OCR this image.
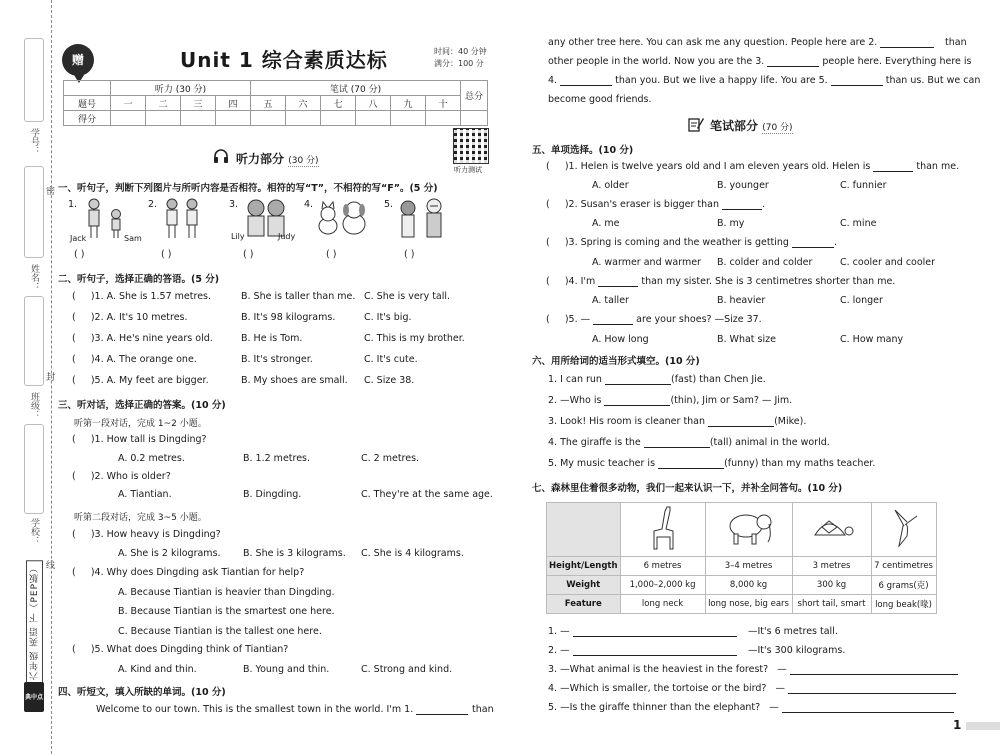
学号：
姓名：
班级：
学校：
密
封
线
六年级 英语 下（PEP版）
典中点
赠	Unit 1 综合素质达标	时间：40 分钟
满分：100 分
	听力 (30 分)				笔试 (70 分)						总分
题号	一	二	三	四	五	六	七	八	九	十	
得分											
听力测试
听力部分 (30 分)
一、听句子，判断下列图片与所听内容是否相符。相符的写“T”，不相符的写“F”。(5 分)
1.	2.	3.	4.	5.
Jack	Sam	Lily	Judy
( )	( )	( )	( )	( )
二、听句子，选择正确的答语。(5 分)
(     )1. A. She is 1.57 metres.	B. She is taller than me. C. She is very tall.
(     )2. A. It's 10 metres.	B. It's 98 kilograms.	C. It's big.
(     )3. A. He's nine years old.	B. He is Tom.	C. This is my brother.
(     )4. A. The orange one.	B. It's stronger.	C. It's cute.
(     )5. A. My feet are bigger.	B. My shoes are small. C. Size 38.
三、听对话，选择正确的答案。(10 分)
听第一段对话，完成 1~2 小题。
(     )1. How tall is Dingding?
A. 0.2 metres.	B. 1.2 metres.	C. 2 metres.
(     )2. Who is older?
A. Tiantian.	B. Dingding.	C. They're at the same age.
听第二段对话，完成 3~5 小题。
(     )3. How heavy is Dingding?
A. She is 2 kilograms. B. She is 3 kilograms. C. She is 4 kilograms.
(     )4. Why does Dingding ask Tiantian for help?
A. Because Tiantian is heavier than Dingding.
B. Because Tiantian is the smartest one here.
C. Because Tiantian is the tallest one here.
(     )5. What does Dingding think of Tiantian?
A. Kind and thin.	B. Young and thin.	C. Strong and kind.
四、听短文，填入所缺的单词。(10 分)
Welcome to our town. This is the smallest town in the world. I'm 1.	than
any other tree here. You can ask me any question. People here are 2.	than
other people in the world. Now you are the 3.	people here. Everything here is
4.	than you. But we live a happy life. You are 5.	than us. But we can
become good friends.
笔试部分 (70 分)
五、单项选择。(10 分)
(     )1. Helen is twelve years old and I am eleven years old. Helen is	than me.
A. older	B. younger	C. funnier
(     )2. Susan's eraser is bigger than	.
A. me	B. my	C. mine
(     )3. Spring is coming and the weather is getting	.
A. warmer and warmer B. colder and colder	C. cooler and cooler
(     )4. I'm	than my sister. She is 3 centimetres shorter than me.
A. taller	B. heavier	C. longer
(     )5. —	are your shoes? —Size 37.
A. How long	B. What size	C. How many
六、用所给词的适当形式填空。(10 分)
1. I can run	(fast) than Chen Jie.
2. —Who is	(thin), Jim or Sam? — Jim.
3. Look! His room is cleaner than	(Mike).
4. The giraffe is the	(tall) animal in the world.
5. My music teacher is	(funny) than my maths teacher.
七、森林里住着很多动物，我们一起来认识一下，并补全问答句。(10 分)

Height/Length	6 metres	3–4 metres	3 metres	7 centimetres
Weight	1,000–2,000 kg	8,000 kg	300 kg	6 grams(克)
Feature	long neck	long nose, big ears	short tail, smart	long beak(喙)
1. —	—It's 6 metres tall.
2. —	—It's 300 kilograms.
3. —What animal is the heaviest in the forest? —
4. —Which is smaller, the tortoise or the bird? —
5. —Is the giraffe thinner than the elephant? —
1
